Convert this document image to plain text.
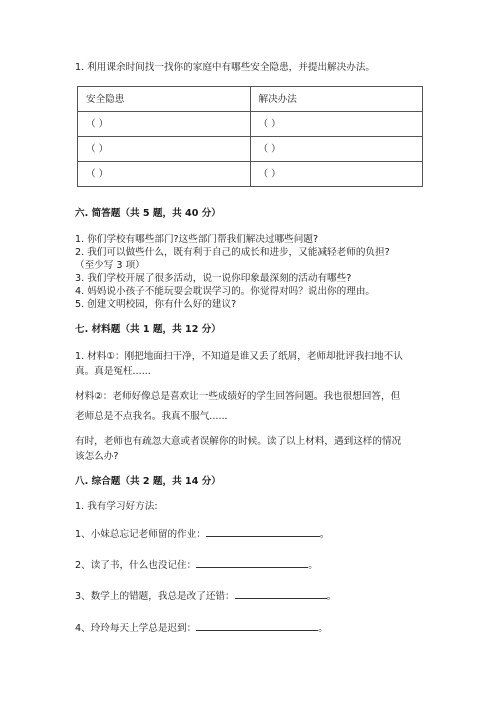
1. 利用课余时间找一找你的家庭中有哪些安全隐患，并提出解决办法。
安全隐患	解决办法
（ ）	（ ）
（ ）	（ ）
（ ）	（ ）
六. 简答题（共 5 题，共 40 分）
1. 你们学校有哪些部门?这些部门帮我们解决过哪些问题?
2. 我们可以做些什么，既有利于自己的成长和进步，又能减轻老师的负担?
（至少写 3 项）
3. 我们学校开展了很多活动，说一说你印象最深刻的活动有哪些?
4. 妈妈说小孩子不能玩耍会耽误学习的。你觉得对吗？说出你的理由。
5. 创建文明校园，你有什么好的建议?
七. 材料题（共 1 题，共 12 分）
1. 材料①：刚把地面扫干净，不知道是谁又丢了纸屑，老师却批评我扫地不认
真。真是冤枉......
材料②：老师好像总是喜欢让一些成绩好的学生回答问题。我也很想回答，但
老师总是不点我名。我真不服气......
有时，老师也有疏忽大意或者误解你的时候。读了以上材料，遇到这样的情况
该怎么办?
八. 综合题（共 2 题，共 14 分）
1. 我有学习好方法:
1、小妹总忘记老师留的作业：	。
2、读了书，什么也没记住：	。
3、数学上的错题，我总是改了还错：	。
4、玲玲每天上学总是迟到：	。
